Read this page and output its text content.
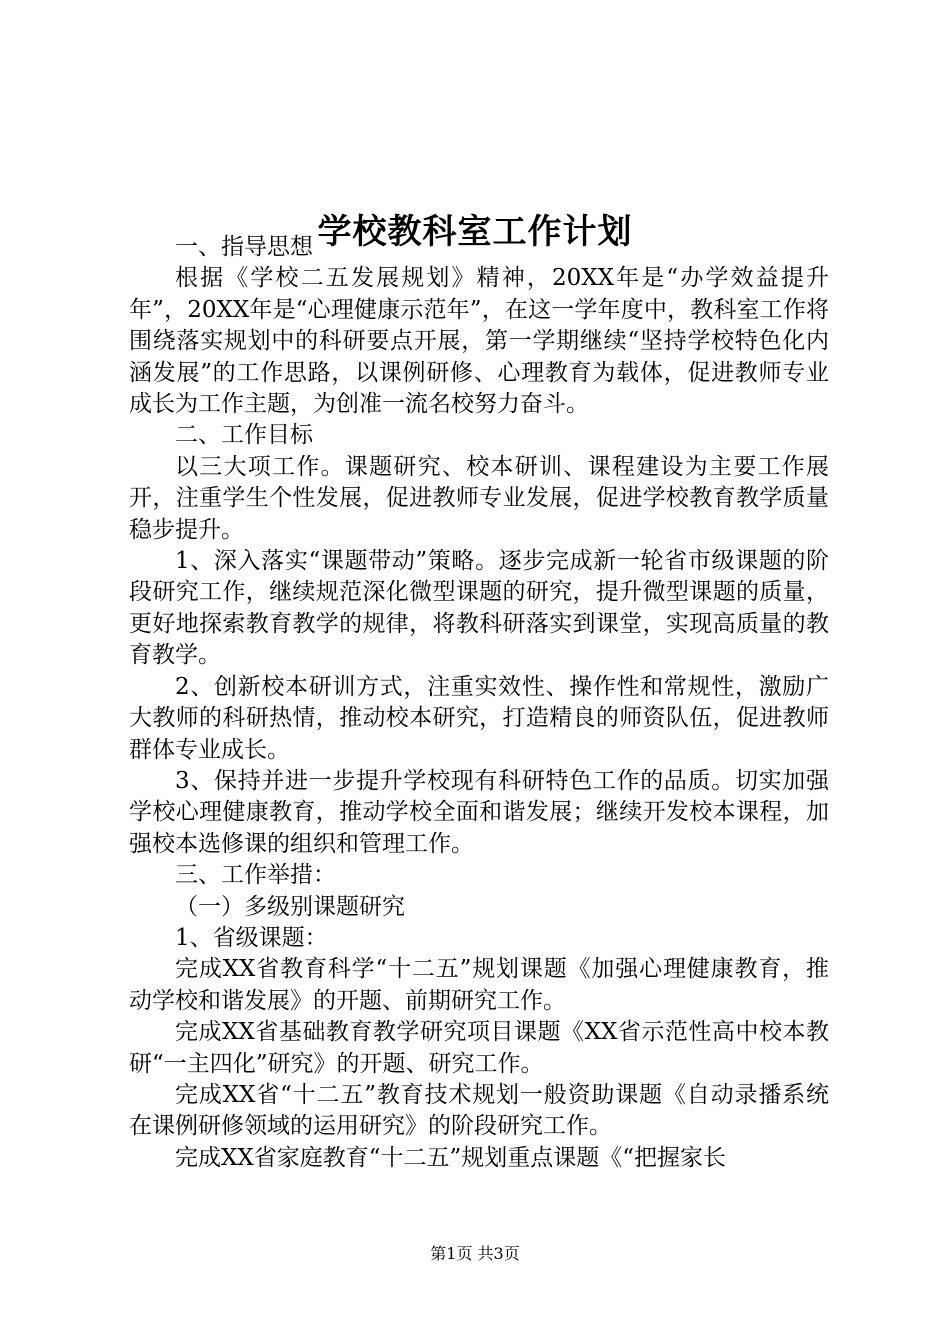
学校教科室工作计划

一、指导思想

根据《学校二五发展规划》精神，20XX年是“办学效益提升年”，20XX年是“心理健康示范年”，在这一学年度中，教科室工作将围绕落实规划中的科研要点开展，第一学期继续“坚持学校特色化内涵发展”的工作思路，以课例研修、心理教育为载体，促进教师专业成长为工作主题，为创准一流名校努力奋斗。

二、工作目标

以三大项工作。课题研究、校本研训、课程建设为主要工作展开，注重学生个性发展，促进教师专业发展，促进学校教育教学质量稳步提升。

1、深入落实“课题带动”策略。逐步完成新一轮省市级课题的阶段研究工作，继续规范深化微型课题的研究，提升微型课题的质量，更好地探索教育教学的规律，将教科研落实到课堂，实现高质量的教育教学。

2、创新校本研训方式，注重实效性、操作性和常规性，激励广大教师的科研热情，推动校本研究，打造精良的师资队伍，促进教师群体专业成长。

3、保持并进一步提升学校现有科研特色工作的品质。切实加强学校心理健康教育，推动学校全面和谐发展；继续开发校本课程，加强校本选修课的组织和管理工作。

三、工作举措：

（一）多级别课题研究

1、省级课题：

完成XX省教育科学“十二五”规划课题《加强心理健康教育，推动学校和谐发展》的开题、前期研究工作。

完成XX省基础教育教学研究项目课题《XX省示范性高中校本教研“一主四化”研究》的开题、研究工作。

完成XX省“十二五”教育技术规划一般资助课题《自动录播系统在课例研修领域的运用研究》的阶段研究工作。

完成XX省家庭教育“十二五”规划重点课题《“把握家长

第1页 共3页
